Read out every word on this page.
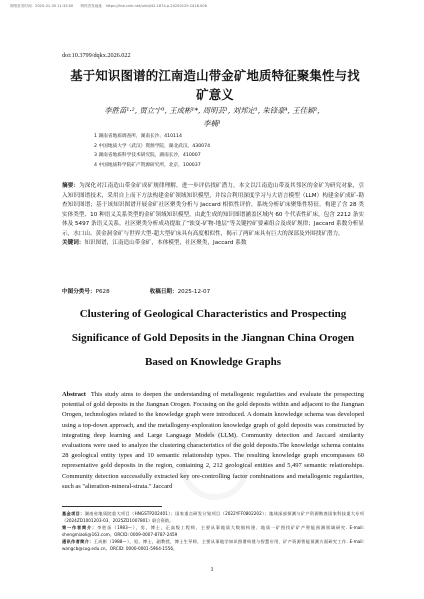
网络首发时间：2025-01-30 11:33:00　　网络首发地址：https://link.cnki.net/urlid/42.1874.p.20250129.1418.006
doi:10.3799/dqkx.2026.022
基于知识图谱的江南造山带金矿地质特征聚集性与找
矿意义
李胜苗¹·², 贾立宁³, 王成彬¹*, 周明芸¹, 刘邦定¹, 朱锋豪⁴, 王佳颖²,
李楠¹
1 湖南省地质调查所，湖南长沙，410114
2 中国地质大学（武汉）资源学院，湖北武汉，430074
3 湖南省地质科学技术研究院，湖南长沙，410007
4 中国地质科学院矿产资源研究所，北京，100037

摘要：为深化对江南造山带金矿成矿规律理解，进一步评估找矿潜力，本文以江南造山带及其邻区的金矿为研究对象，引入知识图谱技术，采用自上而下方法构建金矿领域知识模型，并综合利用深度学习与大语言模型（LLM）构建金矿成矿-勘查知识图谱；基于该知识图谱开展金矿社区聚类分析与 Jaccard 相似性评价，系统分析矿床聚集性特征。构建了含 28 类实体类型、10 种语义关系类型的金矿领域知识模型，由此生成的知识图谱涵盖区域内 60 个代表性矿床，包含 2212 条实体及 5497 条语义关系。社区聚类分析成功提取了“蚀变-矿物-地层”等关键控矿要素组合及成矿规律；Jaccard 系数分析显示，水口山、黄金洞金矿与世界大型-超大型矿床具有高度相似性，揭示了两矿床具有巨大的深部及外围找矿潜力。

关键词：知识图谱，江南造山带金矿，本体模型，社区聚类，Jaccard 系数

中图分类号：P628	收稿日期：2025-12-07
Clustering of Geological Characteristics and Prospecting
Significance of Gold Deposits in the Jiangnan China Orogen
Based on Knowledge Graphs
Abstract This study aims to deepen the understanding of metallogenic regularities and evaluate the prospecting potential of gold deposits in the Jiangnan Orogen. Focusing on the gold deposits within and adjacent to the Jiangnan Orogen, technologies related to the knowledge graph were introduced. A domain knowledge schema was developed using a top-down approach, and the metallogeny-exploration knowledge graph of gold deposits was constructed by integrating deep learning and Large Language Models (LLM). Community detection and Jaccard similarity evaluations were used to analyze the clustering characteristics of the gold deposits.The knowledge schema contains 28 geological entity types and 10 semantic relationship types. The resulting knowledge graph encompasses 60 representative gold deposits in the region, containing 2, 212 geological entities and 5,497 semantic relationships.　Community detection successfully extracted key ore-controlling factor combinations and metallogenic regularities, such as "alteration-mineral-strata." Jaccard
基金项目：湖南省地质院重大项目（HNGSTP202401）；国家重点研发计划项目（2022YFF0802202）；地球深部探测与矿产资源勘查国家科技重大专项（2024ZD1001203-03、2025ZD1007801）联合资助。
第一作者简介：李胜苗（1983—），男，博士，正高级工程师，主要从事地质大数据构建、地质一矿图找矿矿产智能预测领域研究. E-mail: shengmiaoli@163.com。ORCID: 0009-0007-8787-2459
通讯作者简介：王成彬（1988—），男，博士，副教授，博士生导师，主要从事地学知识图谱构建与智慧应用、矿产资源智能预测方面研究工作. E-mail: wangcb@cug.edu.cn。ORCID: 0000-0001-5964-1556。
1
